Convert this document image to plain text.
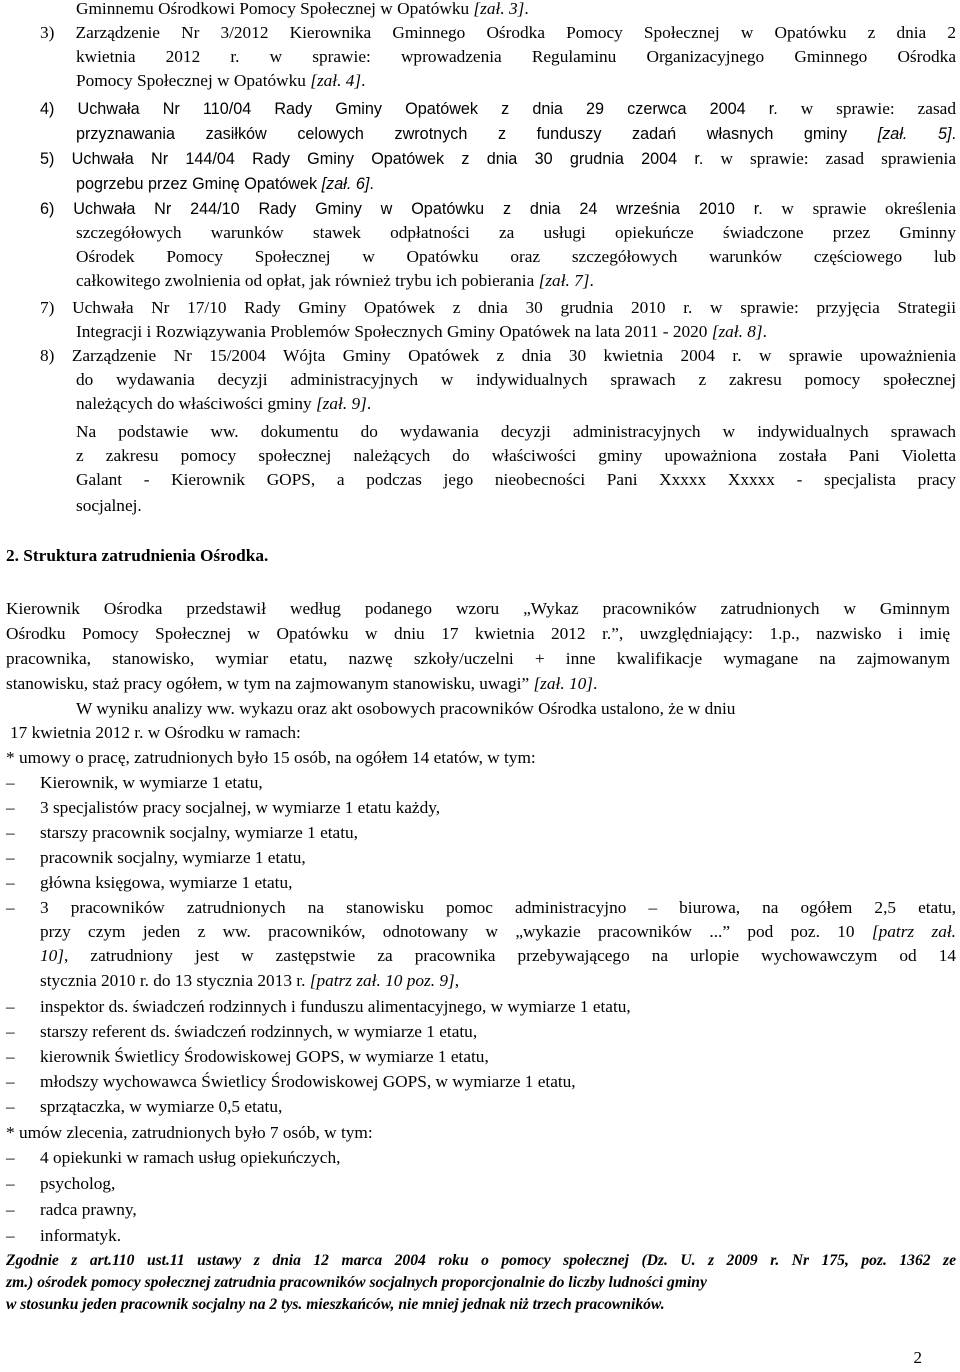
Gminnemu Ośrodkowi Pomocy Społecznej w Opatówku [zał. 3].
3) Zarządzenie Nr 3/2012 Kierownika Gminnego Ośrodka Pomocy Społecznej w Opatówku z dnia 2
kwietnia 2012 r. w sprawie: wprowadzenia Regulaminu Organizacyjnego Gminnego Ośrodka
Pomocy Społecznej w Opatówku [zał. 4].
4) Uchwała Nr 110/04 Rady Gminy Opatówek z dnia 29 czerwca 2004 r. w sprawie: zasad
przyznawania zasiłków celowych zwrotnych z funduszy zadań własnych gminy [zał. 5].
5) Uchwała Nr 144/04 Rady Gminy Opatówek z dnia 30 grudnia 2004 r. w sprawie: zasad sprawienia
pogrzebu przez Gminę Opatówek [zał. 6].
6) Uchwała Nr 244/10 Rady Gminy w Opatówku z dnia 24 września 2010 r. w sprawie określenia
szczegółowych warunków stawek odpłatności za usługi opiekuńcze świadczone przez Gminny
Ośrodek Pomocy Społecznej w Opatówku oraz szczegółowych warunków częściowego lub
całkowitego zwolnienia od opłat, jak również trybu ich pobierania [zał. 7].
7) Uchwała Nr 17/10 Rady Gminy Opatówek z dnia 30 grudnia 2010 r. w sprawie: przyjęcia Strategii
Integracji i Rozwiązywania Problemów Społecznych Gminy Opatówek na lata 2011 - 2020 [zał. 8].
8) Zarządzenie Nr 15/2004 Wójta Gminy Opatówek z dnia 30 kwietnia 2004 r. w sprawie upoważnienia
do wydawania decyzji administracyjnych w indywidualnych sprawach z zakresu pomocy społecznej
należących do właściwości gminy [zał. 9].
Na podstawie ww. dokumentu do wydawania decyzji administracyjnych w indywidualnych sprawach
z zakresu pomocy społecznej należących do właściwości gminy upoważniona została Pani Violetta
Galant - Kierownik GOPS, a podczas jego nieobecności Pani Xxxxx Xxxxx - specjalista pracy
socjalnej.
2. Struktura zatrudnienia Ośrodka.
Kierownik Ośrodka przedstawił według podanego wzoru „Wykaz pracowników zatrudnionych w Gminnym
Ośrodku Pomocy Społecznej w Opatówku w dniu 17 kwietnia 2012 r.”, uwzględniający: 1.p., nazwisko i imię
pracownika, stanowisko, wymiar etatu, nazwę szkoły/uczelni + inne kwalifikacje wymagane na zajmowanym
stanowisku, staż pracy ogółem, w tym na zajmowanym stanowisku, uwagi” [zał. 10].
W wyniku analizy ww. wykazu oraz akt osobowych pracowników Ośrodka ustalono, że w dniu
17 kwietnia 2012 r. w Ośrodku w ramach:
* umowy o pracę, zatrudnionych było 15 osób, na ogółem 14 etatów, w tym:
–	Kierownik, w wymiarze 1 etatu,
–	3 specjalistów pracy socjalnej, w wymiarze 1 etatu każdy,
–	starszy pracownik socjalny, wymiarze 1 etatu,
–	pracownik socjalny, wymiarze 1 etatu,
–	główna księgowa, wymiarze 1 etatu,
–	3 pracowników zatrudnionych na stanowisku pomoc administracyjno – biurowa, na ogółem 2,5 etatu,
przy czym jeden z ww. pracowników, odnotowany w „wykazie pracowników ...” pod poz. 10 [patrz zał.
10], zatrudniony jest w zastępstwie za pracownika przebywającego na urlopie wychowawczym od 14
stycznia 2010 r. do 13 stycznia 2013 r. [patrz zał. 10 poz. 9],
–	inspektor ds. świadczeń rodzinnych i funduszu alimentacyjnego, w wymiarze 1 etatu,
–	starszy referent ds. świadczeń rodzinnych, w wymiarze 1 etatu,
–	kierownik Świetlicy Środowiskowej GOPS, w wymiarze 1 etatu,
–	młodszy wychowawca Świetlicy Środowiskowej GOPS, w wymiarze 1 etatu,
–	sprzątaczka, w wymiarze 0,5 etatu,
* umów zlecenia, zatrudnionych było 7 osób, w tym:
–	4 opiekunki w ramach usług opiekuńczych,
–	psycholog,
–	radca prawny,
–	informatyk.
Zgodnie z art.110 ust.11 ustawy z dnia 12 marca 2004 roku o pomocy społecznej (Dz. U. z 2009 r. Nr 175, poz. 1362 ze
zm.) ośrodek pomocy społecznej zatrudnia pracowników socjalnych proporcjonalnie do liczby ludności gminy
w stosunku jeden pracownik socjalny na 2 tys. mieszkańców, nie mniej jednak niż trzech pracowników.
2
